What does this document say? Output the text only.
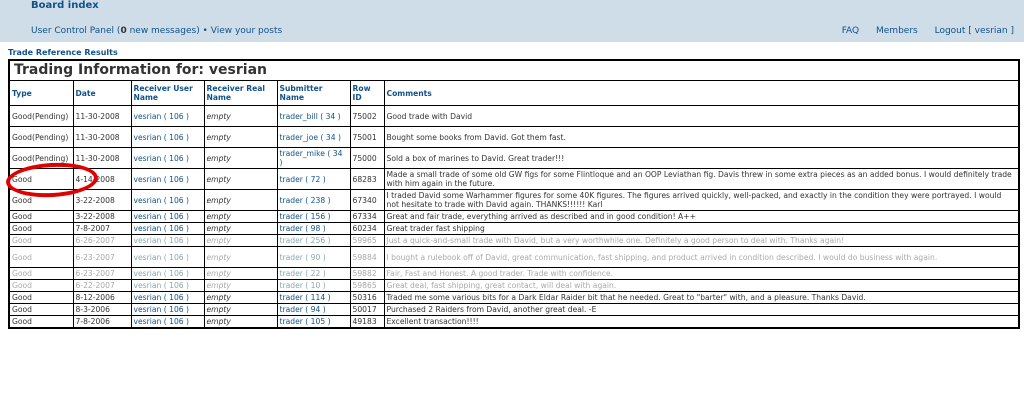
Board index
User Control Panel (0 new messages) • View your posts	FAQ Members Logout [ vesrian ]
Trade Reference Results
Trading Information for: vesrian						
Type	Date	Receiver User Name	Receiver Real Name	Submitter Name	Row ID	Comments
Good(Pending)	11-30-2008	vesrian ( 106 )	empty	trader_bill ( 34 )	75002	Good trade with David
Good(Pending)	11-30-2008	vesrian ( 106 )	empty	trader_joe ( 34 )	75001	Bought some books from David. Got them fast.
Good(Pending)	11-30-2008	vesrian ( 106 )	empty	trader_mike ( 34 )	75000	Sold a box of marines to David. Great trader!!!
Good	4-14-2008	vesrian ( 106 )	empty	trader ( 72 )	68283	Made a small trade of some old GW figs for some Flintloque and an OOP Leviathan fig. Davis threw in some extra pieces as an added bonus. I would definitely trade with him again in the future.
Good	3-22-2008	vesrian ( 106 )	empty	trader ( 238 )	67340	I traded David some Warhammer figures for some 40K figures. The figures arrived quickly, well-packed, and exactly in the condition they were portrayed. I would not hesitate to trade with David again. THANKS!!!!!! Karl
Good	3-22-2008	vesrian ( 106 )	empty	trader ( 156 )	67334	Great and fair trade, everything arrived as described and in good condition! A++
Good	7-8-2007	vesrian ( 106 )	empty	trader ( 98 )	60234	Great trader fast shipping
Good	6-26-2007	vesrian ( 106 )	empty	trader ( 256 )	59965	Just a quick-and-small trade with David, but a very worthwhile one. Definitely a good person to deal with. Thanks again!
Good	6-23-2007	vesrian ( 106 )	empty	trader ( 90 )	59884	I bought a rulebook off of David, great communication, fast shipping, and product arrived in condition described. I would do business with again.
Good	6-23-2007	vesrian ( 106 )	empty	trader ( 22 )	59882	Fair, Fast and Honest. A good trader. Trade with confidence.
Good	6-22-2007	vesrian ( 106 )	empty	trader ( 10 )	59865	Great deal, fast shipping, great contact, will deal with again.
Good	8-12-2006	vesrian ( 106 )	empty	trader ( 114 )	50316	Traded me some various bits for a Dark Eldar Raider bit that he needed. Great to "barter" with, and a pleasure. Thanks David.
Good	8-3-2006	vesrian ( 106 )	empty	trader ( 94 )	50017	Purchased 2 Raiders from David, another great deal. -E
Good	7-8-2006	vesrian ( 106 )	empty	trader ( 105 )	49183	Excellent transaction!!!!
